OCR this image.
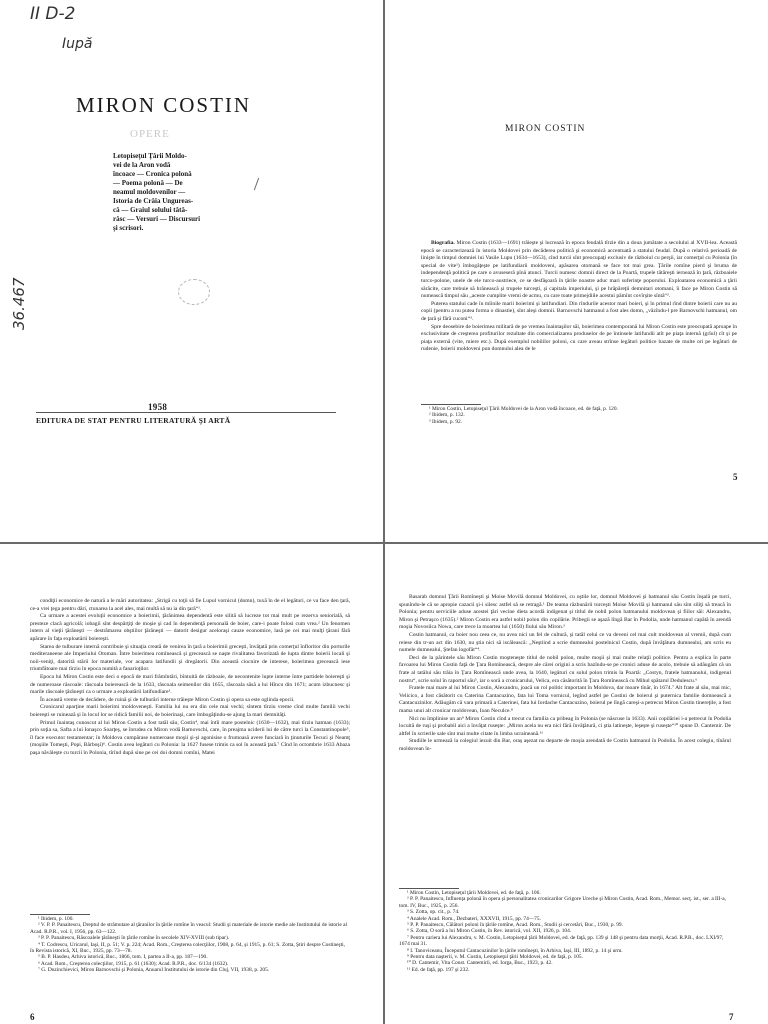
II D-2
Iupă
36.467
MIRON COSTIN
OPERE
Letopiseţul Ţării Moldo-
vei de la Aron vodă
încoace — Cronica polonă
— Poema polonă — De
neamul moldovenilor —
Istoria de Crăia Ungureas-
că — Graiul solului tătă-
răsc — Versuri — Discursuri
şi scrisori.
1958
EDITURA DE STAT PENTRU LITERATURĂ ŞI ARTĂ
MIRON COSTIN

Biografia. Miron Costin (1633—1691) trăieşte şi lucrează în epoca feudală tîrzie din a doua jumătate a secolului al XVII-lea. Această epocă se caracterizează în istoria Moldovei prin decăderea politică şi economică accentuată a statului feudal. După o relativă perioadă de linişte în timpul domniei lui Vasile Lupu (1634—1653), cînd turcii sînt preocupaţi exclusiv de războiul cu perşii, iar comerţul cu Polonia (în special de vite¹) îmbogăţeşte pe latifundiarii moldoveni, apăsarea otomană se face tot mai grea. Ţările romîne pierd şi bruma de independenţă politică pe care o avuseseră pînă atunci. Turcii numesc domnii direct de la Poartă, trupele tătăreşti iernează în ţară, războaiele turco-polone, unele de ele turco-austriece, ce se desfăşoară în ţările noastre aduc mari suferinţe poporului. Exploatarea economică a ţării sărăcite, care trebuie să hrănească şi trupele turceşti, şi capitala imperiului, şi pe hrăpăreţii demnitari otomani, îi face pe Miron Costin să numească timpul său „aceste cumplite vremi de acmu, cu care toate primejdiile acestui pămînt covîrşite sîntă“².

Puterea statului cade în mîinile marii boierimi şi latifundiari. Din rîndurile acestor mari boieri, şi în primul rînd dintre boierii care nu au copii (pentru a nu putea forma o dinastie), sînt aleşi domnii. Barnovschi hatmanul a fost ales domn, „văzîndu-l pre Barnovschi hatmanul, om de ţară şi fără cuconi“³.

Spre deosebire de boierimea militară de pe vremea înaintaşilor săi, boierimea contemporană lui Miron Costin este preocupată aproape în exclusivitate de creşterea profiturilor rezultate din comercializarea produselor de pe întinsele latifundii atît pe piaţa internă (grîul) cît şi pe piaţa externă (vite, miere etc.). După exemplul nobililor poloni, cu care aveau strînse legături politice bazate de multe ori pe legături de rudenie, boierii moldoveni pun domnului alea de le

¹ Miron Costin, Letopiseţul Ţării Moldovei de la Aron vodă încoace, ed. de faţă, p. 120.
² Ibidem, p. 132.
³ Ibidem, p. 92.
5

condiţii economice de natură a le mări autoritatea: „Strigă cu toţii să fie Lupul vornicul (domn), tuxă în de el legături, ce va face den ţară, ce-a vrei ţega pentru dări, ctunarea la acel ales, mai multă să nu ia din ţară“¹.

Ca urmare a acestei evoluţii economice a boierimii, ţărănimea dependentă este silită să lucreze tot mai mult pe rezerva seniorială, să presteze clacă agricolă; iobagii sînt despărţiţi de moşie şi cad în dependenţă personală de boier, care-i poate folosi cum vrea.² Un fenomen intern al vieţii ţărăneşti — destrămarea obştiilor ţărăneşti — datorit desigur aceloraşi cauze economice, lasă pe cei mai mulţi ţărani fără apărare în faţa exploatării boiereşti.

Starea de tulburare internă contribuie şi situaţia creată de venirea în ţară a boierimii greceşti, învăţată prin comerţul înfloritor din porturile mediteraneene ale Imperiului Otoman. Între boierimea romînească şi grecească se naşte rivalitatea favorizată de lupta dintre boierii locali şi noii-veniţi, datorită stării lor materiale, vor acapara latifundii şi dregătorii. Din această ciocnire de interese, boierimea grecească iese triumfătoare mai tîrziu în epoca numită a fanarioţilor.

Epoca lui Miron Costin este deci o epocă de mari frămîntări, bîntuită de războaie, de necontenite lupte interne între partidele boiereşti şi de numeroase răscoale: răscoala boierească de la 1633, răscoala seimenilor din 1655, răscoala săsă a lui Hîncu din 1671; acum izbucnesc şi marile răscoale ţărăneşti ca o urmare a exploatării latifundiare³.

În această vreme de decădere, de ruină şi de tulburări interne trăieşte Miron Costin şi opera sa este oglinda epocii.

Cronicarul aparţine marii boierimi moldoveneşti. Familia lui nu era din cele mai vechi; sîntem tîrziu vreme cînd multe familii vechi boiereşti se ruinează şi în locul lor se ridică familii noi, de boierinaşi, care îmbogăţindu-se ajung la mari demnităţi.

Primul înaintaş cunoscut al lui Miron Costin a fost tatăl său, Costin⁴, mai întîi mare postelnic (1630—1632), mai tîrziu hatman (1633); prin soţia sa, Safta a lui Ionaşco Soarţeş, se înrudea cu Miron vodă Barnovschi, care, în preajma uciderii lui de către turci la Constantinopole⁵, îl face executor testamentar; în Moldova cumpărase numeroase moşii şi-şi agonisise o frumoasă avere funciară în ţinuturile Tecuci şi Neamţ (moşiile Tomeşti, Popi, Bărboşi)⁶. Costin avea legături cu Polonia: la 1627 fusese trimis ca sol în această ţară.⁷ Cînd în octombrie 1633 Abaza paşa năvăleşte cu turcii în Polonia, tîrînd după sine pe cei doi domni romîni, Matei

¹ Ibidem, p. 100.
² V. P. P. Panaitescu, Dreptul de strămutare al ţăranilor în ţările romîne în veacul: Studii şi materiale de istorie medie ale Institutului de istorie al Acad. R.P.R., vol. I, 1956, pp. 63—122.
³ P. P. Panaitescu, Răscoalele ţărăneşti în ţările romîne în secolele XIV-XVIII (sub tipar).
⁴ T. Codrescu, Uricarul, Iaşi, II, p. 51; V. p. 224; Acad. Rom., Creşterea colecţiilor, 1908, p. 64, şi 1915, p. 61; S. Zotta, Ştiri despre Costineşti, în Revista istorică, XI, Buc., 1925, pp. 73—78.
⁵ B. P. Hasdeu, Arhiva istorică, Buc., 1866, tom. I, partea a II-a, pp. 187—190.
⁶ Acad. Rom., Creşterea colecţiilor, 1915, p. 61 (1630); Acad. R.P.R., doc. 6/134 (1632).
⁷ G. Duzinchievici, Miron Barnovschi şi Polonia, Anuarul Institutului de istorie din Cluj, VII, 1938, p. 205.
6

Basarab domnul Ţării Romîneşti şi Moise Movilă domnul Moldovei, cu oştile lor, domnul Moldovei şi hatmanul său Costin înşală pe turci, spunîndu-le că se apropie cazacii şi-i silesc astfel să se retragă.¹ De teama răzbunării turceşti Moise Movilă şi hatmanul său sînt siliţi să treacă în Polonia; pentru serviciile aduse acestei ţări vecine dieta acordă indigenat şi titlul de nobil polon hatmanului moldovean şi fiilor săi: Alexandru, Miron şi Petraşco (1635).² Miron Costin era astfel nobil polon din copilărie. Pribegii se aşază lîngă Bar în Podolia, unde hatmanul capătă în arendă moşia Novosilca Nowa, care trece la moartea lui (1650) fiului său Miron.³

Costin hatmanul, ca boier nou ceea ce, nu avea nici un fel de cultură, şi tatăl celui ce va deveni cel mai cult moldovean al vremii, după cum reiese din tr-un act din 1630, nu ştia nici să iscălească: „Neştiind a scrie dumnealui postelnicul Costin, după învăţătura dumnealui, am scris eu numele dumnealui, Ştefan logofăt“⁴.

Deci de la părintele său Miron Costin moşteneşte titlul de nobil polon, multe moşii şi mai multe relaţii politice. Pentru a explica în parte favoarea lui Miron Costin faţă de Ţara Romînească, despre ale cărei origini a scris bazîndu-se pe cronici aduse de acolo, trebuie să adăugăm că un frate al tatălui său trăia în Ţara Romînească unde avea, la 1640, legături cu solul polon trimis la Poartă: „Costyn, fratele hatmanului, indigenul nostru“, scrie solul în raportul său⁵, iar o soră a cronicarului, Velica, era căsătorită în Ţara Romînească cu Mihul spătarul Dedulescu.⁶

Fratele mai mare al lui Miron Costin, Alexandru, joacă un rol politic important în Moldova, dar moare tînăr, în 1674.⁷ Alt frate al său, mai mic, Velicico, a fost căsătorit cu Caterina Cantacuzino, fata lui Toma vornicul, legînd astfel pe Costini de boierul şi puternica familie domnească a Cantacuzinilor. Adăugăm că vara primară a Caterinei, fata lui Iordache Cantacuzino, boierul pe lîngă careşi-a petrecut Miron Costin tinereţile, a fost mama unui alt cronicar moldovean, Ioan Neculce.⁸

Nici nu împlinise un an⁹ Miron Costin cînd a trecut cu familia ca pribeag în Polonia (se născuse la 1633). Anii copilăriei i-a petrecut în Podolia locuită de ruşi şi probabil aici a învăţat ruseşte: „Miron acela nu era nici fără învăţătură, ci ştia latineşte, leşeşte şi ruseşte“¹⁰ spune D. Cantemir. De altfel în scrierile sale sînt mai multe citate în limba ucraineană.¹¹

Studiile le urmează la colegiul iezuit din Bar, oraş aşezat nu departe de moşia arendată de Costin hatmanul în Podolia. În acest colegiu, tînărul moldovean în-

¹ Miron Costin, Letopiseţul ţării Moldovei, ed. de faţă, p. 106.
² P. P. Panaitescu, Influenţa polonă în opera şi personalitatea cronicarilor Grigore Ureche şi Miron Costin, Acad. Rom., Memor. secţ. ist., ser. a III-a, tom. IV, Buc., 1925, p. 256.
³ S. Zotta, op. cit., p. 74.
⁴ Analele Acad. Rom., Dezbateri, XXXVII, 1915, pp. 74—75.
⁵ P. P. Panaitescu, Călători poloni în ţările romîne, Acad. Rom., Studii şi cercetări, Buc., 1930, p. 99.
⁶ S. Zotta, O soră a lui Miron Costin, în Rev. istorică, vol. XII, 1926, p. 104.
⁷ Pentru cariera lui Alexandru, v. M. Costin, Letopiseţul ţării Moldovei, ed. de faţă, pp. 139 şi 148 şi pentru data morţii, Acad. R.P.R., doc. LXI/97, 1674 mai 31.
⁸ I. Tanoviceanu, Începutul Cantacuzinilor în ţările romîneşti, în Arhiva, Iaşi, III, 1892, p. 14 şi urm.
⁹ Pentru data naşterii, v. M. Costin, Letopiseţul ţării Moldovei, ed. de faţă, p. 105.
¹⁰ D. Cantemir, Vita Const. Cantemirii, ed. Iorga, Buc., 1923, p. 42.
¹¹ Ed. de faţă, pp. 197 şi 232.
7
